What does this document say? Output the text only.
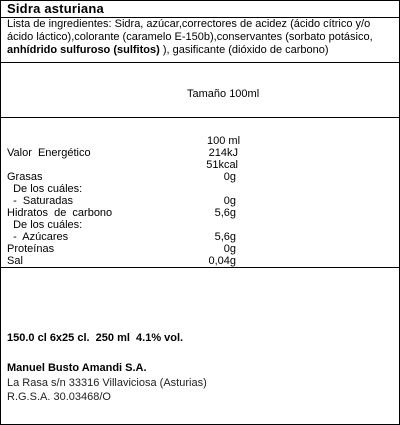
Sidra asturiana
Lista de ingredientes: Sidra, azúcar,correctores de acidez (ácido cítrico y/o ácido láctico),colorante (caramelo E-150b),conservantes (sorbato potásico, anhídrido sulfuroso (sulfitos) ), gasificante (dióxido de carbono)
Tamaño 100ml
100 ml
Valor  Energético	214kJ
51kcal
Grasas	0g
De los cuáles:
-  Saturadas	0g
Hidratos  de  carbono	5,6g
De los cuáles:
-  Azúcares	5,6g
Proteínas	0g
Sal	0,04g
150.0 cl 6x25 cl.  250 ml  4.1% vol.
Manuel Busto Amandi S.A.
La Rasa s/n 33316 Villaviciosa (Asturias)
R.G.S.A. 30.03468/O
